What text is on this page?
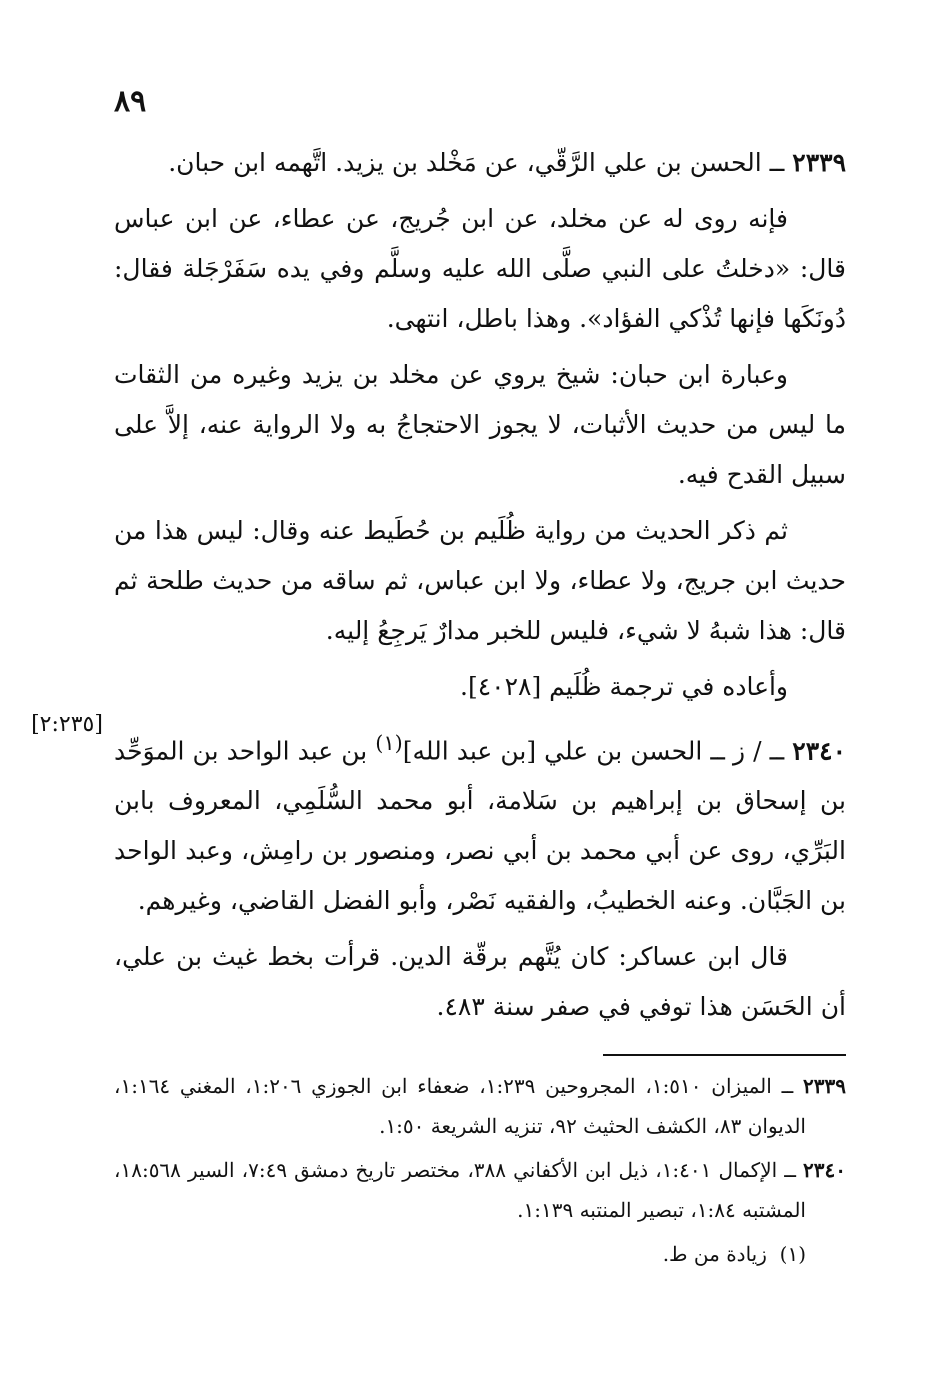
٨٩

٢٣٣٩ ــ الحسن بن علي الرَّقّي، عن مَخْلد بن يزيد. اتَّهمه ابن حبان.

فإنه روى له عن مخلد، عن ابن جُريج، عن عطاء، عن ابن عباس قال: «دخلتُ على النبي صلَّى الله عليه وسلَّم وفي يده سَفَرْجَلة فقال: دُونَكَها فإنها تُذْكي الفؤاد». وهذا باطل، انتهى.

وعبارة ابن حبان: شيخ يروي عن مخلد بن يزيد وغيره من الثقات ما ليس من حديث الأثبات، لا يجوز الاحتجاجُ به ولا الرواية عنه، إلاَّ على سبيل القدح فيه.

ثم ذكر الحديث من رواية ظُلَيم بن حُطَيط عنه وقال: ليس هذا من حديث ابن جريج، ولا عطاء، ولا ابن عباس، ثم ساقه من حديث طلحة ثم قال: هذا شبهُ لا شيء، فليس للخبر مدارٌ يَرجِعُ إليه.

وأعاده في ترجمة ظُلَيم [٤٠٢٨].

٢٣٤٠ ــ / ز ــ الحسن بن علي [بن عبد الله]$^{(١)}$ بن عبد الواحد بن الموَحِّد بن إسحاق بن إبراهيم بن سَلامة، أبو محمد السُّلَمِي، المعروف بابن البَرِّي، روى عن أبي محمد بن أبي نصر، ومنصور بن رامِش، وعبد الواحد بن الجَبَّان. وعنه الخطيبُ، والفقيه نَصْر، وأبو الفضل القاضي، وغيرهم.

قال ابن عساكر: كان يُتَّهم برقّة الدين. قرأت بخط غيث بن علي، أن الحَسَن هذا توفي في صفر سنة ٤٨٣.

[٢:٢٣٥]

٢٣٣٩ ــ الميزان ١:٥١٠، المجروحين ١:٢٣٩، ضعفاء ابن الجوزي ١:٢٠٦، المغني ١:١٦٤، الديوان ٨٣، الكشف الحثيث ٩٢، تنزيه الشريعة ١:٥٠.

٢٣٤٠ ــ الإكمال ١:٤٠١، ذيل ابن الأكفاني ٣٨٨، مختصر تاريخ دمشق ٧:٤٩، السير ١٨:٥٦٨، المشتبه ١:٨٤، تبصير المنتبه ١:١٣٩.

(١)  زيادة من ط.
